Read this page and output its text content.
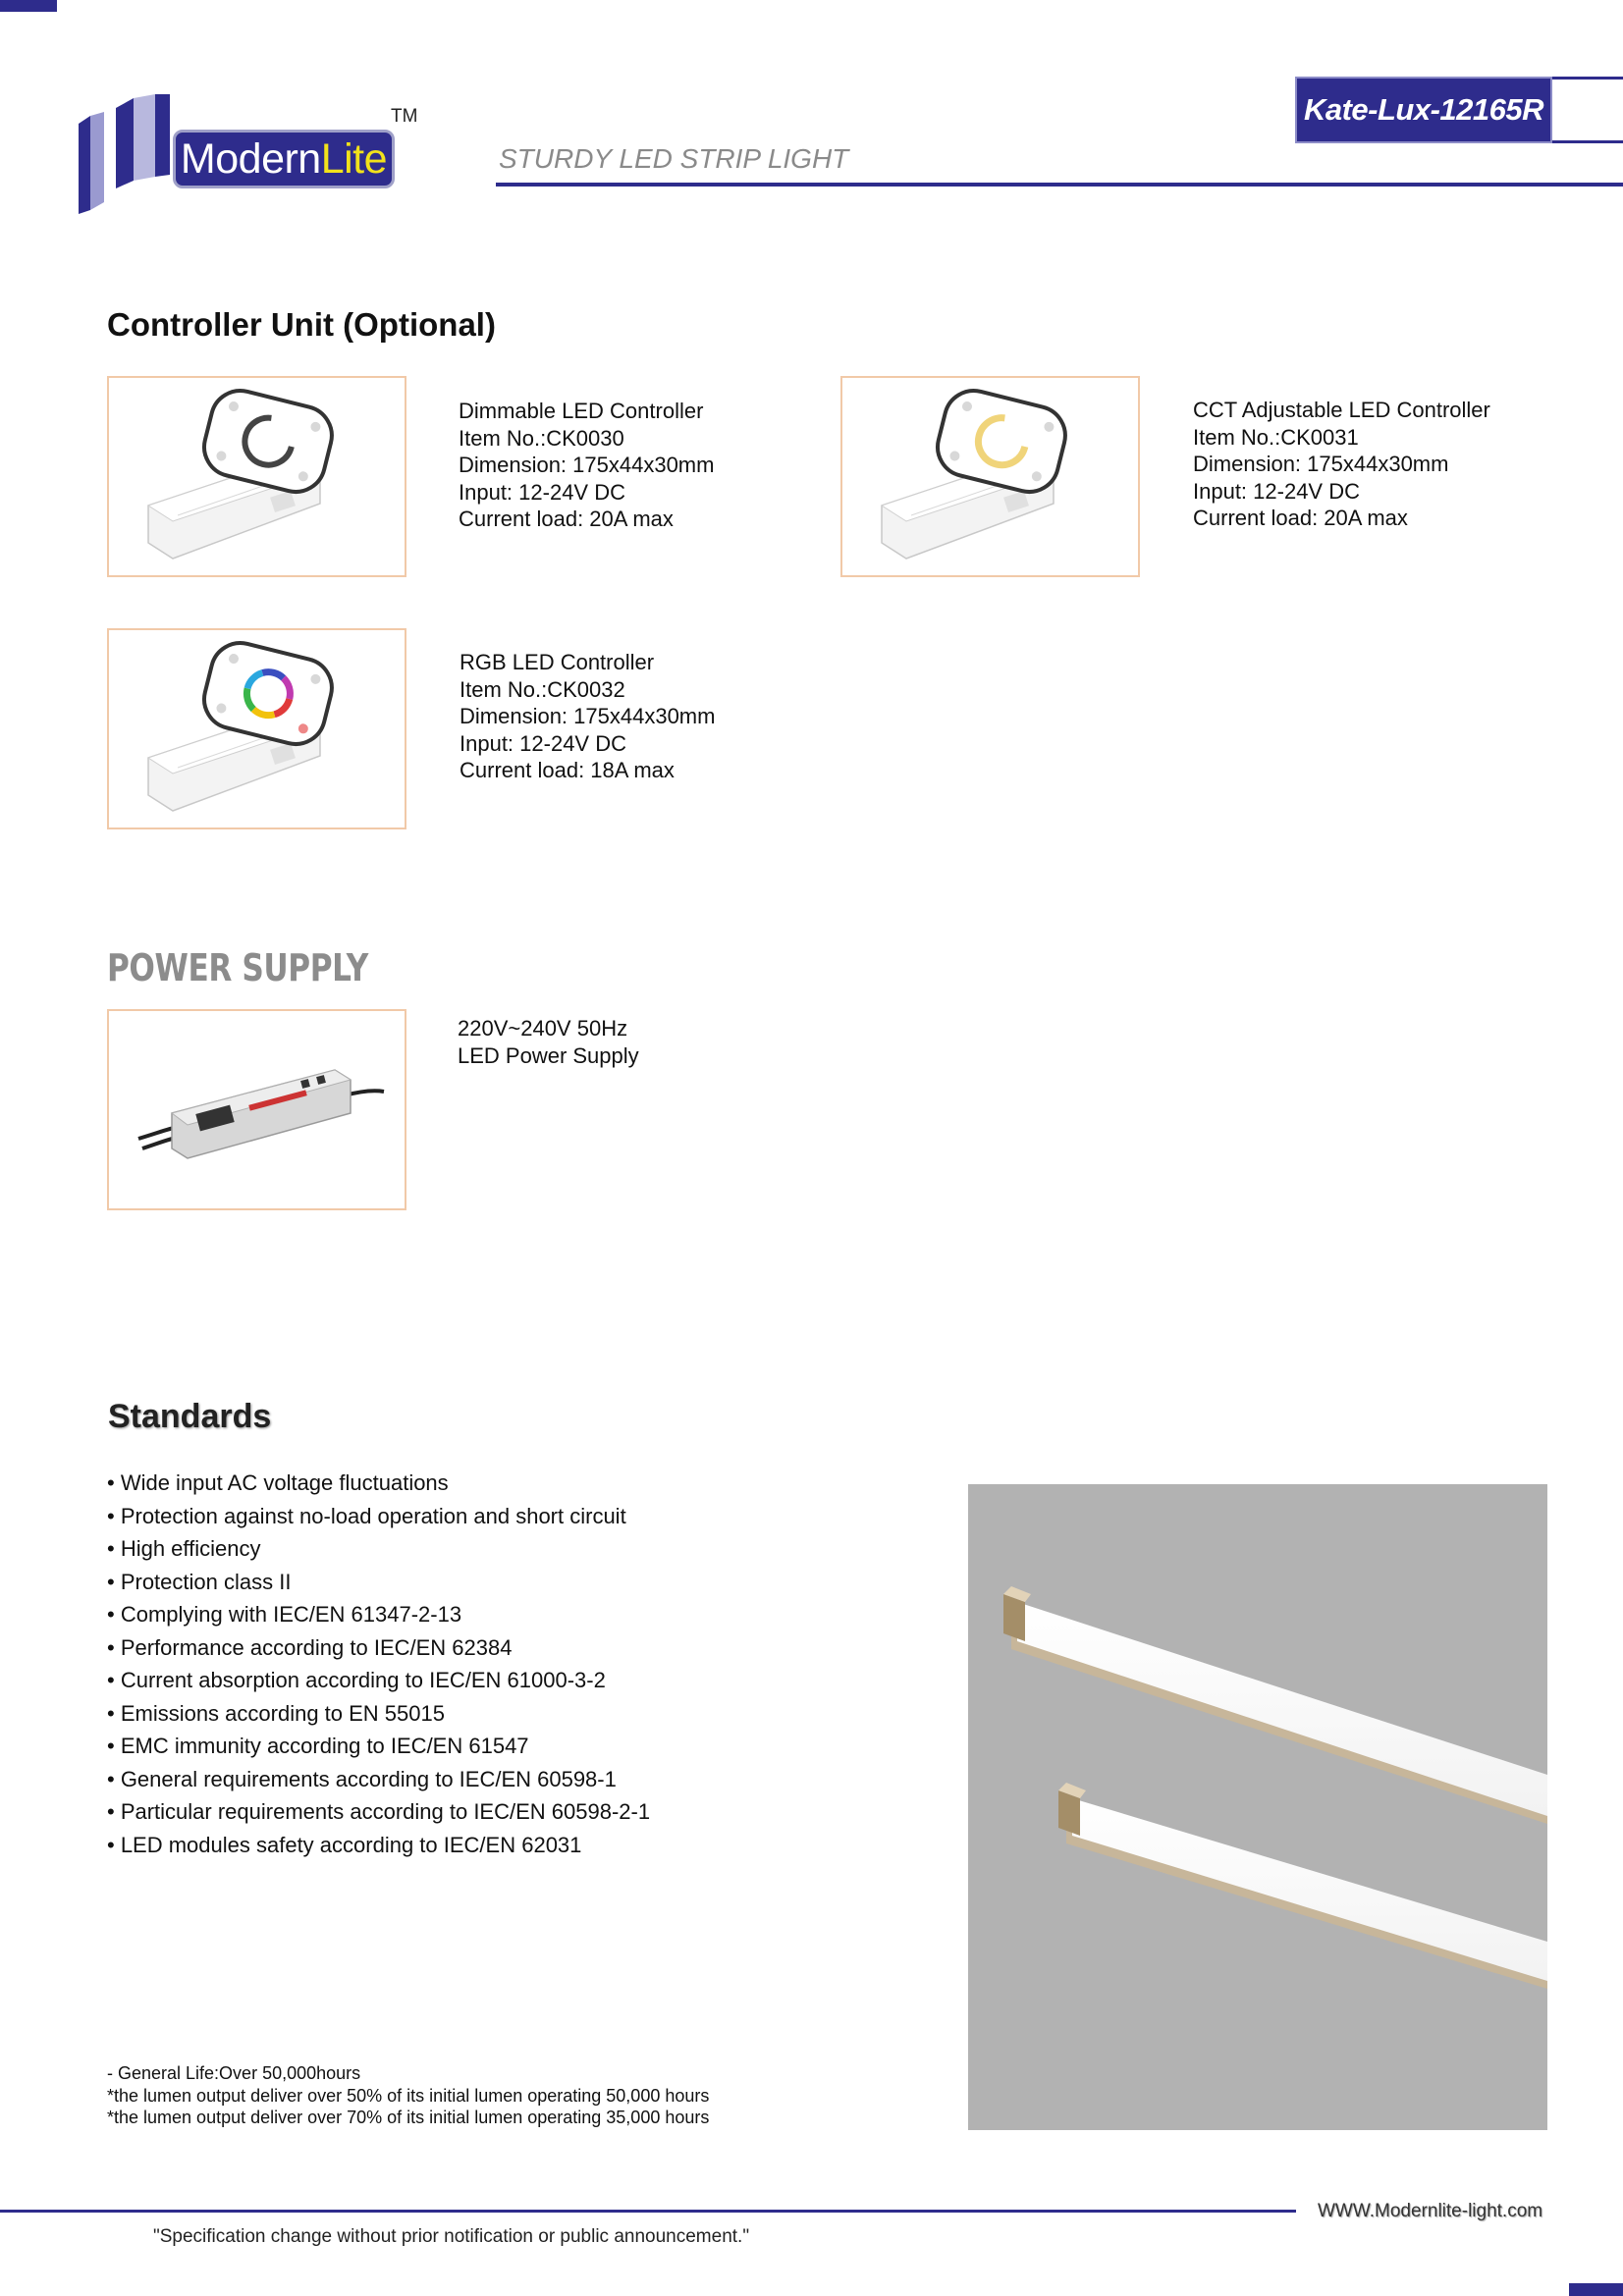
ModernLite
TM	Kate-Lux-12165R
STURDY LED STRIP LIGHT
Controller Unit (Optional)
Dimmable LED Controller
Item No.:CK0030
Dimension: 175x44x30mm
Input: 12-24V DC
Current load: 20A max
CCT Adjustable LED Controller
Item No.:CK0031
Dimension: 175x44x30mm
Input: 12-24V DC
Current load: 20A max
RGB LED Controller
Item No.:CK0032
Dimension: 175x44x30mm
Input: 12-24V DC
Current load: 18A max
POWER SUPPLY
220V~240V 50Hz
LED Power Supply
Standards
• Wide input AC voltage fluctuations
• Protection against no-load operation and short circuit
• High efficiency
• Protection class II
• Complying with IEC/EN 61347-2-13
• Performance according to IEC/EN 62384
• Current absorption according to IEC/EN 61000-3-2
• Emissions according to EN 55015
• EMC immunity according to IEC/EN 61547
• General requirements according to IEC/EN 60598-1
• Particular requirements according to IEC/EN 60598-2-1
• LED modules safety according to IEC/EN 62031
- General Life:Over 50,000hours
*the lumen output deliver over 50% of its initial lumen operating 50,000 hours
*the lumen output deliver over 70% of its initial lumen operating 35,000 hours
WWW.Modernlite-light.com
"Specification change without prior notification or public announcement."
